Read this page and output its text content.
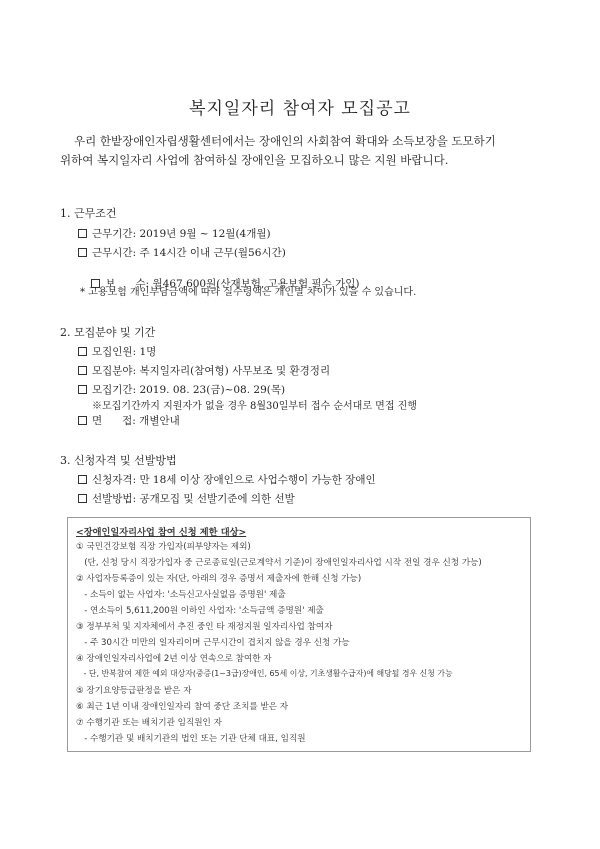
복지일자리 참여자 모집공고
우리 한밭장애인자립생활센터에서는 장애인의 사회참여 확대와 소득보장을 도모하기
위하여 복지일자리 사업에 참여하실 장애인을 모집하오니 많은 지원 바랍니다.
1. 근무조건
근무기간: 2019년 9월 ~ 12월(4개월)
근무시간: 주 14시간 이내 근무(월56시간)

보      수: 월467,600원(산재보험, 고용보험 필수 가입)

* 고용보험 개인부담금액에 따라 실수령액은 개인별 차이가 있을 수 있습니다.
2. 모집분야 및 기간
모집인원: 1명
모집분야: 복지일자리(참여형) 사무보조 및 환경정리
모집기간: 2019. 08. 23(금)~08. 29(목)
※모집기간까지 지원자가 없을 경우 8월30일부터 접수 순서대로 면접 진행
면      접: 개별안내
3. 신청자격 및 선발방법
신청자격: 만 18세 이상 장애인으로 사업수행이 가능한 장애인
선발방법: 공개모집 및 선발기준에 의한 선발
<장애인일자리사업 참여 신청 제한 대상>
① 국민건강보험 직장 가입자(피부양자는 제외)
(단, 신청 당시 직장가입자 중 근로종료일(근로계약서 기준)이 장애인일자리사업 시작 전일 경우 신청 가능)
② 사업자등록증이 있는 자(단, 아래의 경우 증명서 제출자에 한해 신청 가능)
- 소득이 없는 사업자: '소득신고사실없음 증명원' 제출
- 연소득이 5,611,200원 이하인 사업자: '소득금액 증명원' 제출
③ 정부부처 및 지자체에서 추진 중인 타 재정지원 일자리사업 참여자
- 주 30시간 미만의 일자리이며 근무시간이 겹치지 않을 경우 신청 가능
④ 장애인일자리사업에 2년 이상 연속으로 참여한 자
- 단, 반복참여 제한 예외 대상자(중증(1~3급)장애인, 65세 이상, 기초생활수급자)에 해당될 경우 신청 가능
⑤ 장기요양등급판정을 받은 자
⑥ 최근 1년 이내 장애인일자리 참여 중단 조치를 받은 자
⑦ 수행기관 또는 배치기관 임직원인 자
- 수행기관 및 배치기관의 법인 또는 기관 단체 대표, 임직원
